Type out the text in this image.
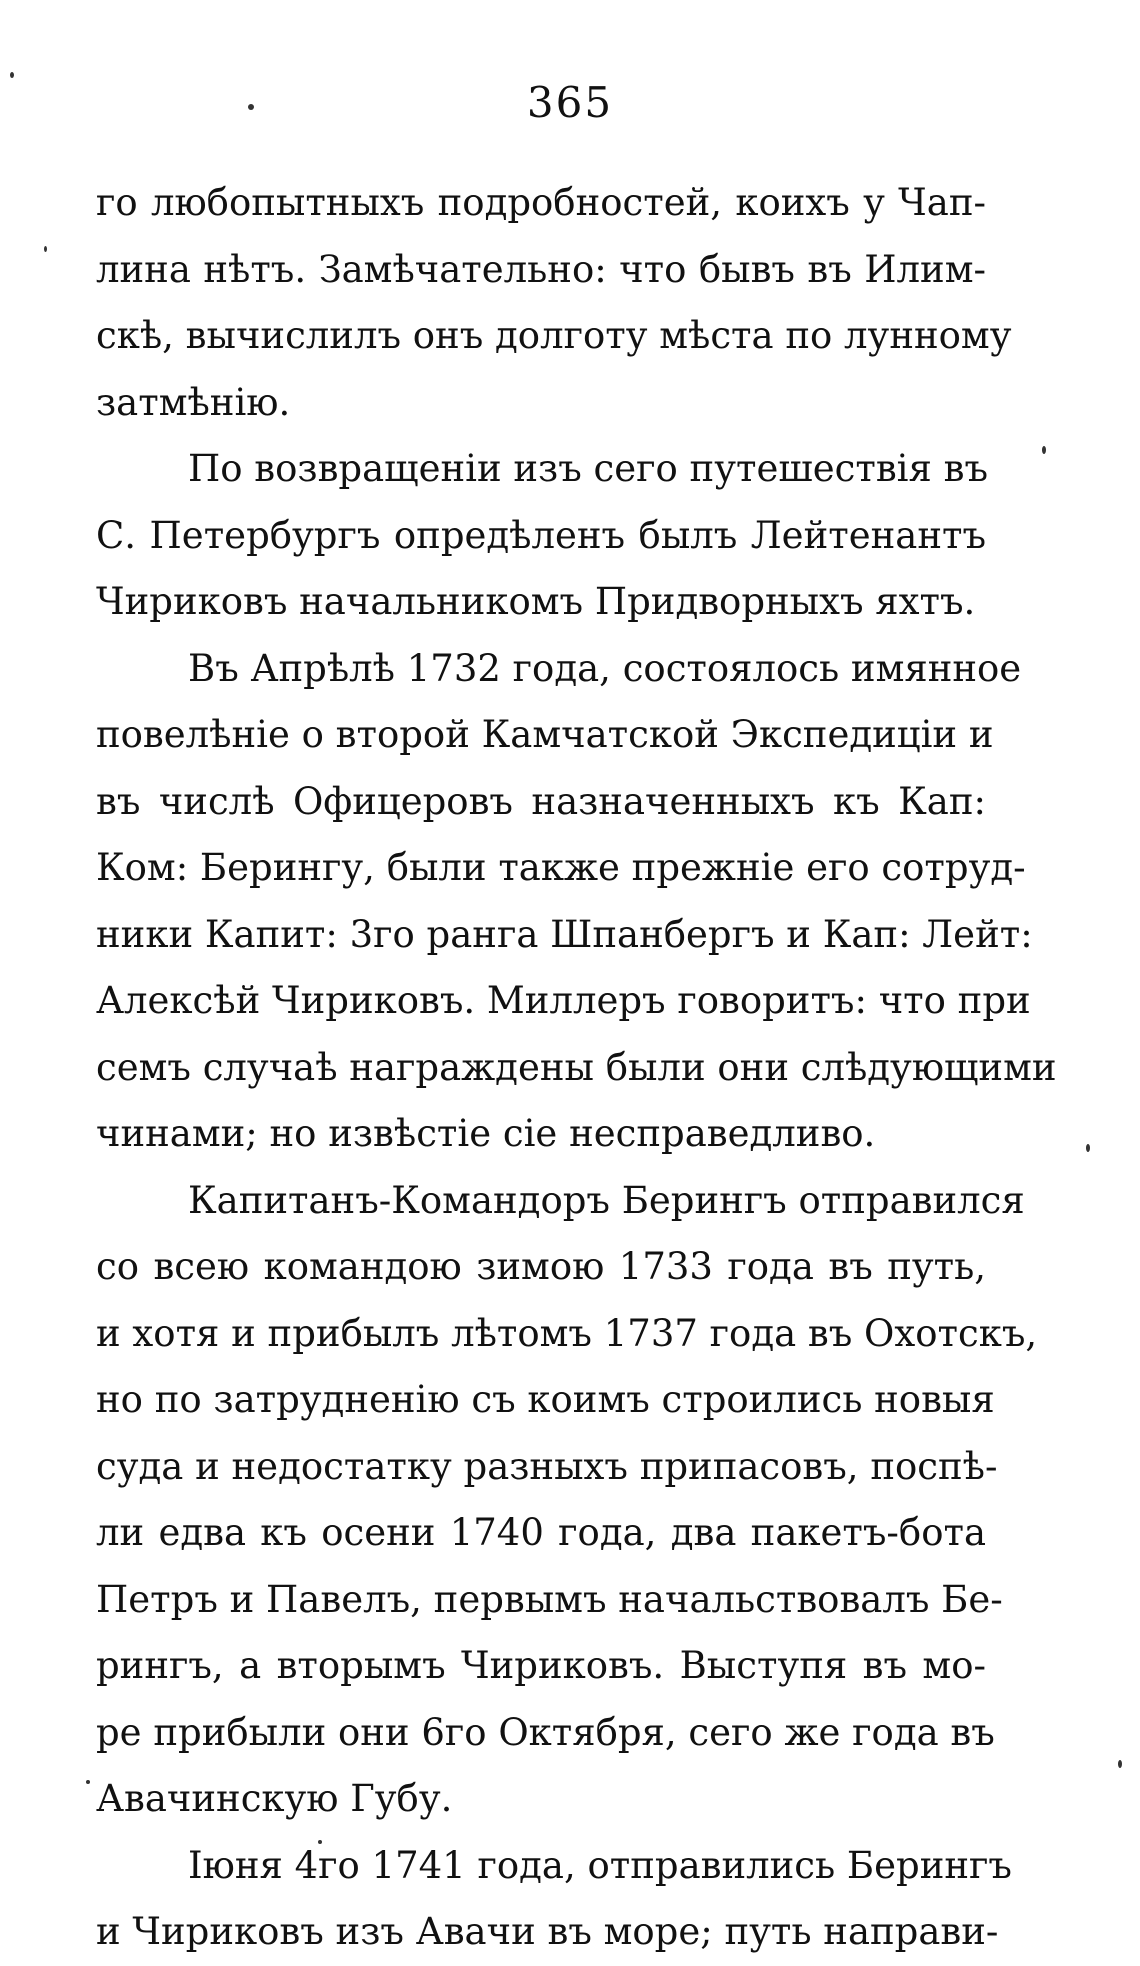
365
го любопытныхъ подробностей, коихъ у Чап-
лина нѣтъ. Замѣчательно: что бывъ въ Илим-
скѣ, вычислилъ онъ долготу мѣста по лунному
затмѣнію.
По возвращеніи изъ сего путешествія въ
С. Петербургъ опредѣленъ былъ Лейтенантъ
Чириковъ начальникомъ Придворныхъ яхтъ.
Въ Апрѣлѣ 1732 года, состоялось имянное
повелѣніе о второй Камчатской Экспедиціи и
въ числѣ Офицеровъ назначенныхъ къ Кап:
Ком: Берингу, были также прежніе его сотруд-
ники Капит: 3го ранга Шпанбергъ и Кап: Лейт:
Алексѣй Чириковъ. Миллеръ говоритъ: что при
семъ случаѣ награждены были они слѣдующими
чинами; но извѣстіе сіе несправедливо.
Капитанъ-Командоръ Берингъ отправился
со всею командою зимою 1733 года въ путь,
и хотя и прибылъ лѣтомъ 1737 года въ Охотскъ,
но по затрудненію съ коимъ строились новыя
суда и недостатку разныхъ припасовъ, поспѣ-
ли едва къ осени 1740 года, два пакетъ-бота
Петръ и Павелъ, первымъ начальствовалъ Бе-
рингъ, а вторымъ Чириковъ. Выступя въ мо-
ре прибыли они 6го Октября, сего же года въ
Авачинскую Губу.
Іюня 4го 1741 года, отправились Берингъ
и Чириковъ изъ Авачи въ море; путь направи-
